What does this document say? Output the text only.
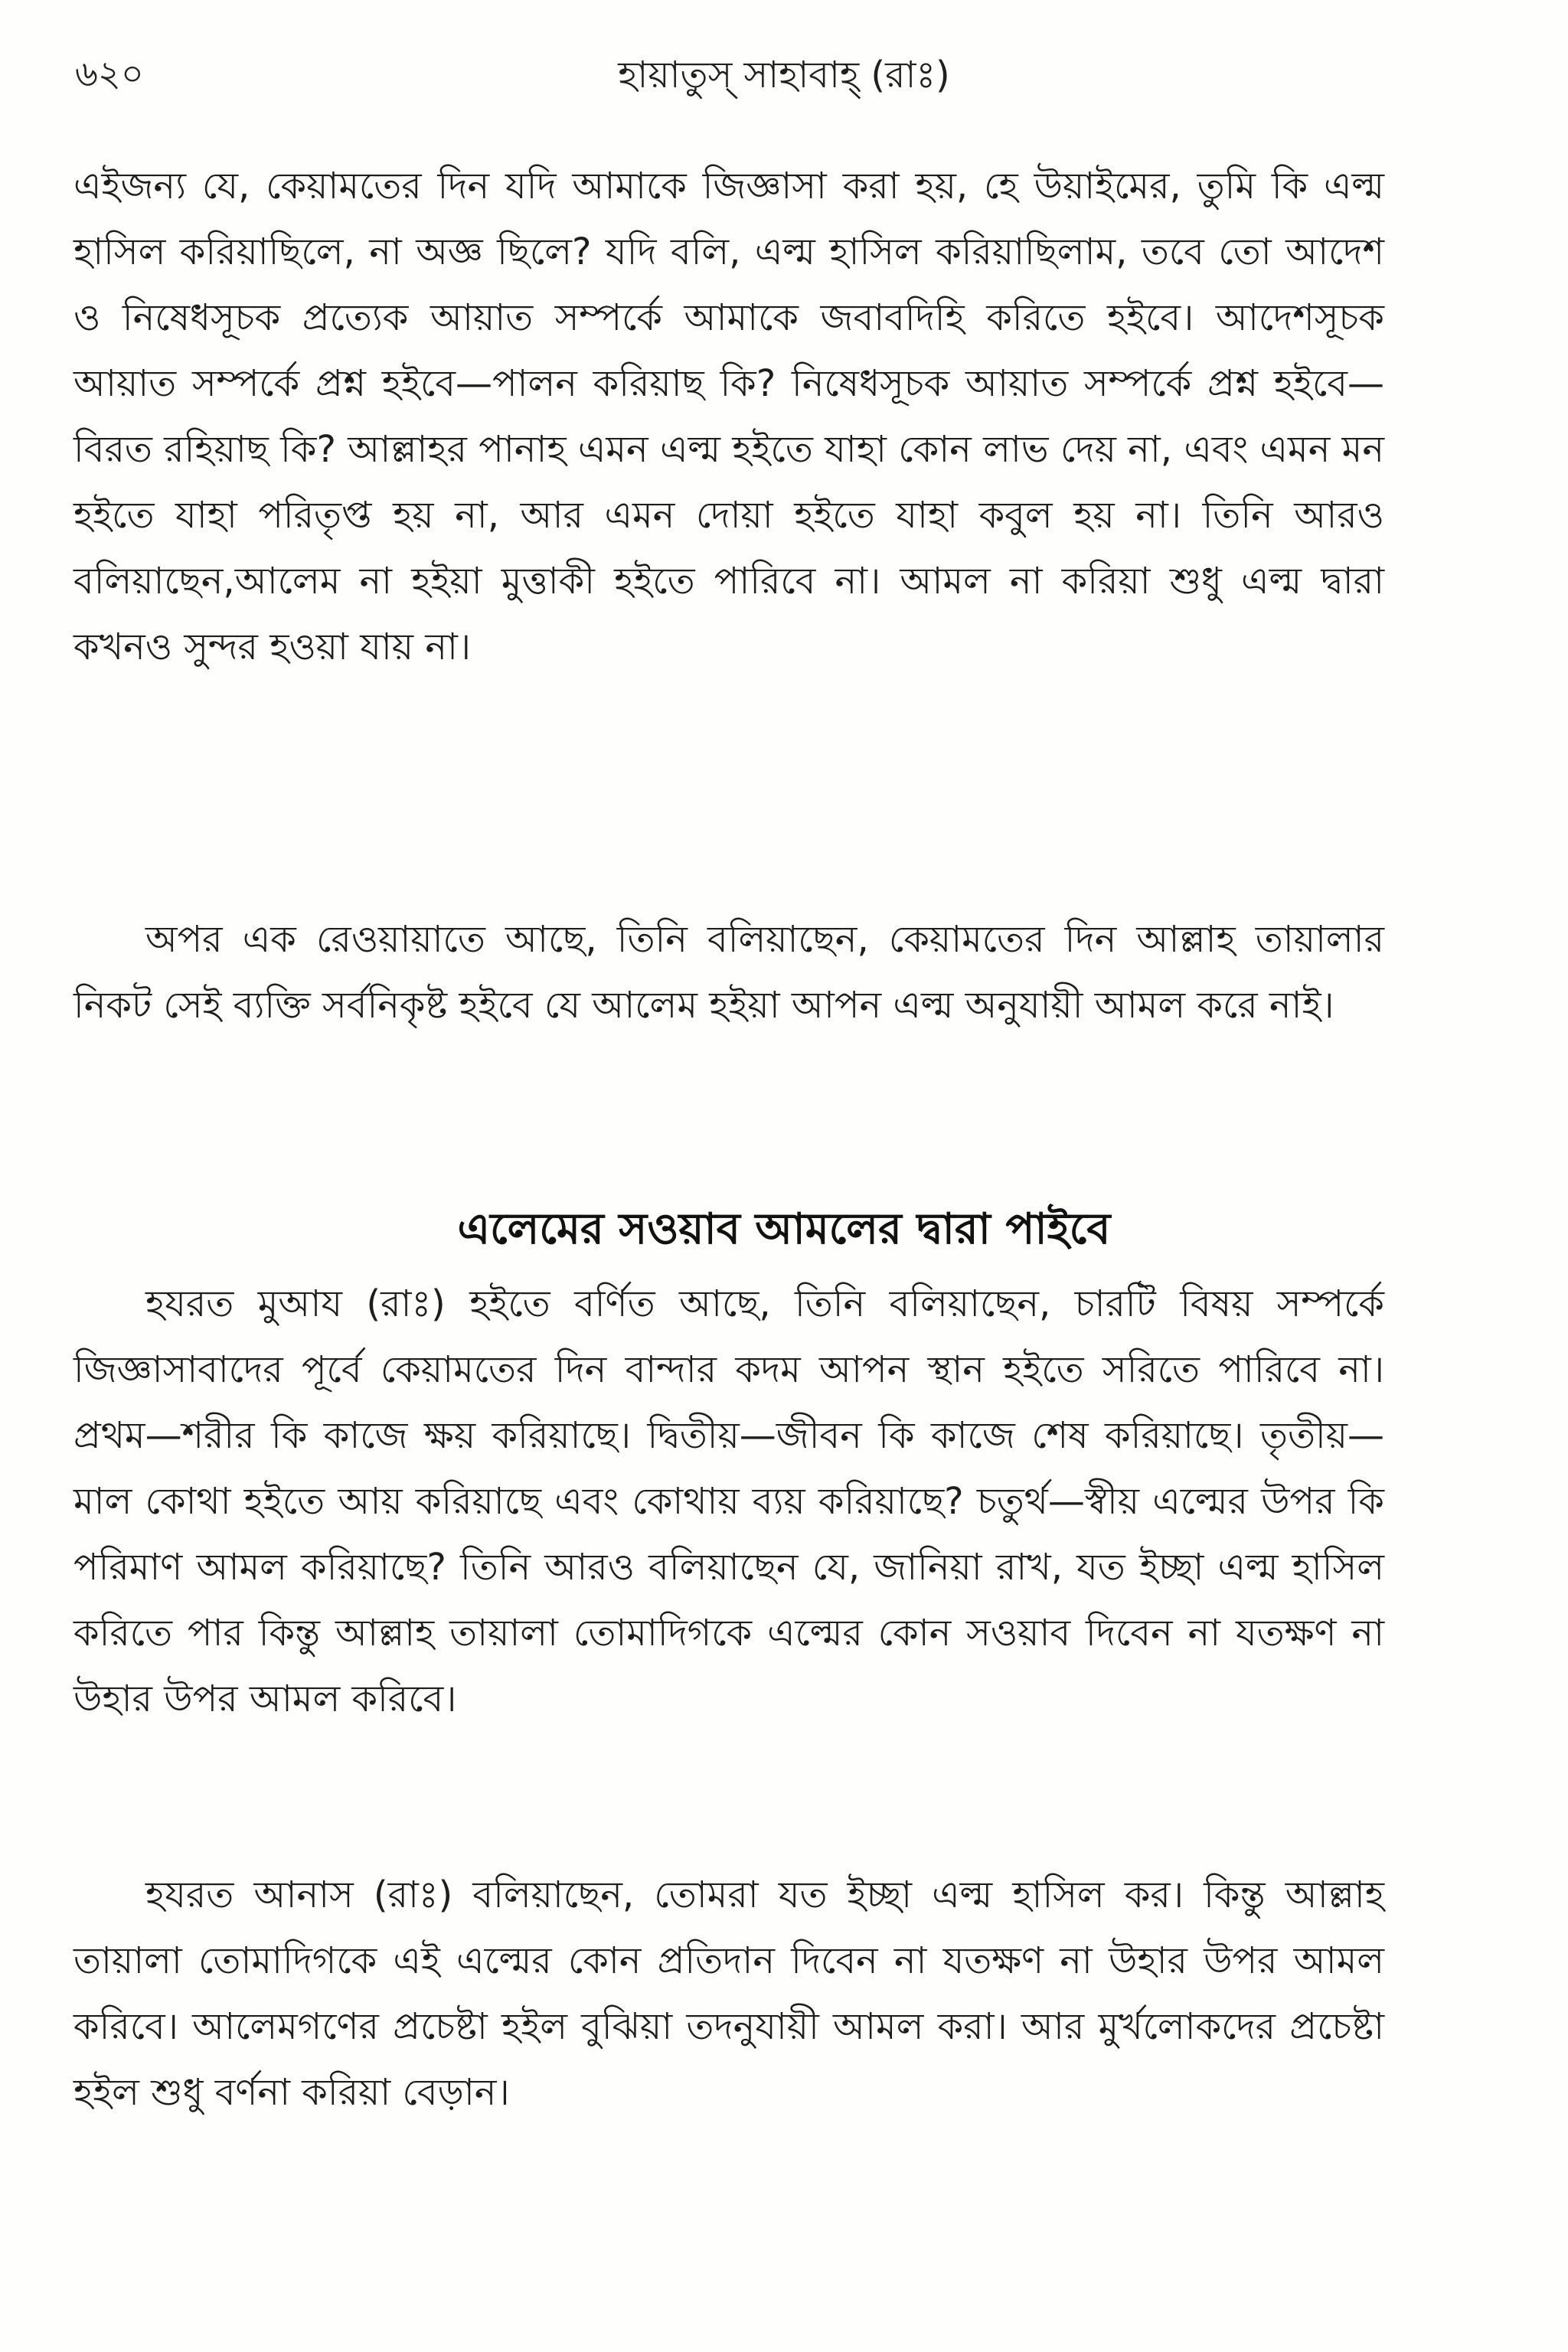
৬২০	হায়াতুস্ সাহাবাহ্ (রাঃ)

এইজন্য যে, কেয়ামতের দিন যদি আমাকে জিজ্ঞাসা করা হয়, হে উয়াইমের, তুমি কি এল্ম হাসিল করিয়াছিলে, না অজ্ঞ ছিলে? যদি বলি, এল্ম হাসিল করিয়াছিলাম, তবে তো আদেশ ও নিষেধসূচক প্রত্যেক আয়াত সম্পর্কে আমাকে জবাবদিহি করিতে হইবে। আদেশসূচক আয়াত সম্পর্কে প্রশ্ন হইবে—পালন করিয়াছ কি? নিষেধসূচক আয়াত সম্পর্কে প্রশ্ন হইবে—বিরত রহিয়াছ কি? আল্লাহর পানাহ এমন এল্ম হইতে যাহা কোন লাভ দেয় না, এবং এমন মন হইতে যাহা পরিতৃপ্ত হয় না, আর এমন দোয়া হইতে যাহা কবুল হয় না। তিনি আরও বলিয়াছেন,আলেম না হইয়া মুত্তাকী হইতে পারিবে না। আমল না করিয়া শুধু এল্ম দ্বারা কখনও সুন্দর হওয়া যায় না।

অপর এক রেওয়ায়াতে আছে, তিনি বলিয়াছেন, কেয়ামতের দিন আল্লাহ তায়ালার নিকট সেই ব্যক্তি সর্বনিকৃষ্ট হইবে যে আলেম হইয়া আপন এল্ম অনুযায়ী আমল করে নাই।

এলেমের সওয়াব আমলের দ্বারা পাইবে

হযরত মুআয (রাঃ) হইতে বর্ণিত আছে, তিনি বলিয়াছেন, চারটি বিষয় সম্পর্কে জিজ্ঞাসাবাদের পূর্বে কেয়ামতের দিন বান্দার কদম আপন স্থান হইতে সরিতে পারিবে না। প্রথম—শরীর কি কাজে ক্ষয় করিয়াছে। দ্বিতীয়—জীবন কি কাজে শেষ করিয়াছে। তৃতীয়—মাল কোথা হইতে আয় করিয়াছে এবং কোথায় ব্যয় করিয়াছে? চতুর্থ—স্বীয় এল্মের উপর কি পরিমাণ আমল করিয়াছে? তিনি আরও বলিয়াছেন যে, জানিয়া রাখ, যত ইচ্ছা এল্ম হাসিল করিতে পার কিন্তু আল্লাহ তায়ালা তোমাদিগকে এল্মের কোন সওয়াব দিবেন না যতক্ষণ না উহার উপর আমল করিবে।

হযরত আনাস (রাঃ) বলিয়াছেন, তোমরা যত ইচ্ছা এল্ম হাসিল কর। কিন্তু আল্লাহ তায়ালা তোমাদিগকে এই এল্মের কোন প্রতিদান দিবেন না যতক্ষণ না উহার উপর আমল করিবে। আলেমগণের প্রচেষ্টা হইল বুঝিয়া তদনুযায়ী আমল করা। আর মুর্খলোকদের প্রচেষ্টা হইল শুধু বর্ণনা করিয়া বেড়ান।
